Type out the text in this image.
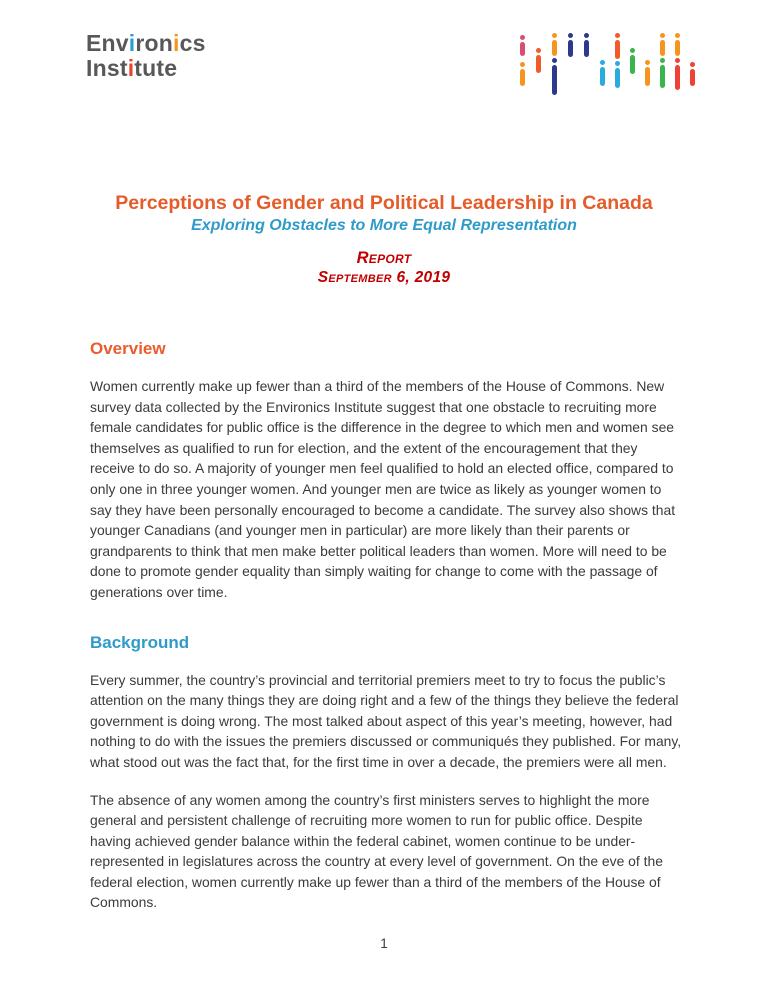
Environics
Institute
Perceptions of Gender and Political Leadership in Canada
Exploring Obstacles to More Equal Representation
Report
September 6, 2019
Overview

Women currently make up fewer than a third of the members of the House of Commons. New survey data collected by the Environics Institute suggest that one obstacle to recruiting more female candidates for public office is the difference in the degree to which men and women see themselves as qualified to run for election, and the extent of the encouragement that they receive to do so. A majority of younger men feel qualified to hold an elected office, compared to only one in three younger women. And younger men are twice as likely as younger women to say they have been personally encouraged to become a candidate. The survey also shows that younger Canadians (and younger men in particular) are more likely than their parents or grandparents to think that men make better political leaders than women. More will need to be done to promote gender equality than simply waiting for change to come with the passage of generations over time.

Background

Every summer, the country’s provincial and territorial premiers meet to try to focus the public’s attention on the many things they are doing right and a few of the things they believe the federal government is doing wrong. The most talked about aspect of this year’s meeting, however, had nothing to do with the issues the premiers discussed or communiqués they published. For many, what stood out was the fact that, for the first time in over a decade, the premiers were all men.

The absence of any women among the country’s first ministers serves to highlight the more general and persistent challenge of recruiting more women to run for public office. Despite having achieved gender balance within the federal cabinet, women continue to be under-represented in legislatures across the country at every level of government. On the eve of the federal election, women currently make up fewer than a third of the members of the House of Commons.

1
